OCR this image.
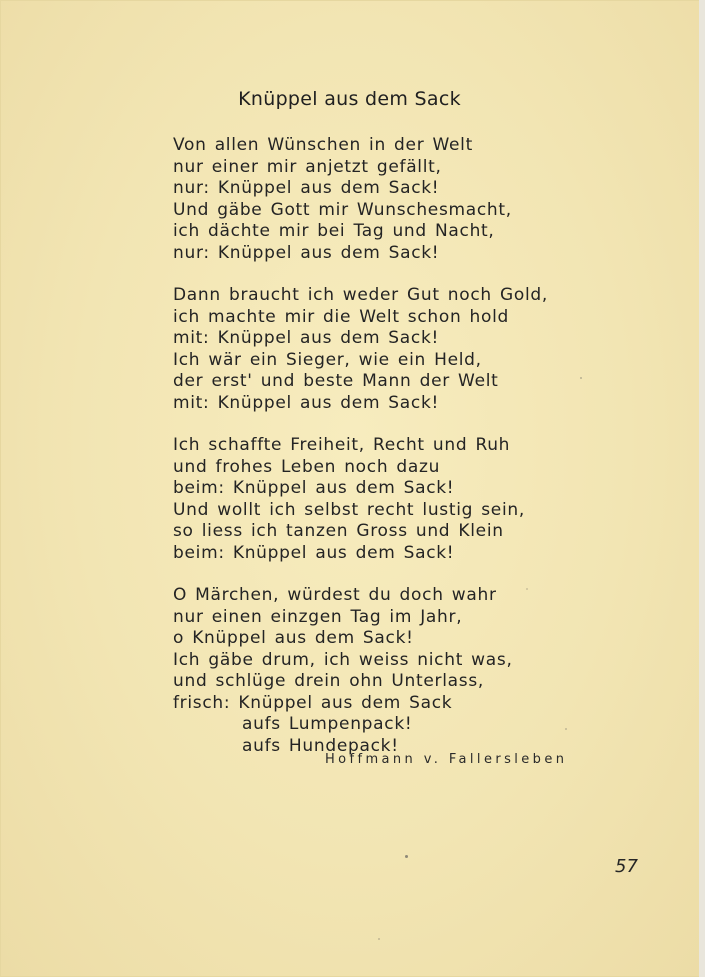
Knüppel aus dem Sack
Von allen Wünschen in der Welt
nur einer mir anjetzt gefällt,
nur: Knüppel aus dem Sack!
Und gäbe Gott mir Wunschesmacht,
ich dächte mir bei Tag und Nacht,
nur: Knüppel aus dem Sack!
Dann braucht ich weder Gut noch Gold,
ich machte mir die Welt schon hold
mit: Knüppel aus dem Sack!
Ich wär ein Sieger, wie ein Held,
der erst' und beste Mann der Welt
mit: Knüppel aus dem Sack!
Ich schaffte Freiheit, Recht und Ruh
und frohes Leben noch dazu
beim: Knüppel aus dem Sack!
Und wollt ich selbst recht lustig sein,
so liess ich tanzen Gross und Klein
beim: Knüppel aus dem Sack!
O Märchen, würdest du doch wahr
nur einen einzgen Tag im Jahr,
o Knüppel aus dem Sack!
Ich gäbe drum, ich weiss nicht was,
und schlüge drein ohn Unterlass,
frisch: Knüppel aus dem Sack
aufs Lumpenpack!
aufs Hundepack!
Hoffmann v. Fallersleben
57
